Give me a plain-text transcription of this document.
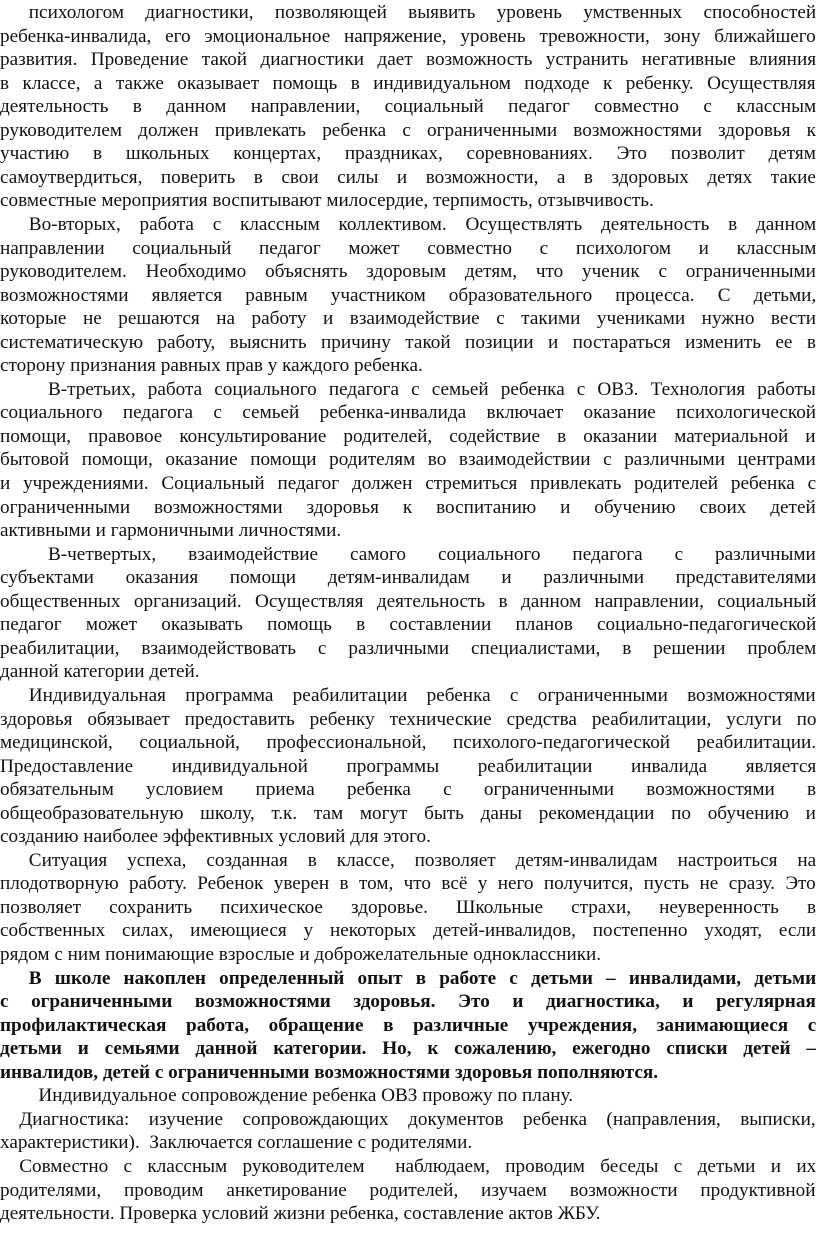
психологом диагностики, позволяющей выявить уровень умственных способностей
ребенка-инвалида, его эмоциональное напряжение, уровень тревожности, зону ближайшего
развития. Проведение такой диагностики дает возможность устранить негативные влияния
в классе, а также оказывает помощь в индивидуальном подходе к ребенку. Осуществляя
деятельность в данном направлении, социальный педагог совместно с классным
руководителем должен привлекать ребенка с ограниченными возможностями здоровья к
участию в школьных концертах, праздниках, соревнованиях. Это позволит детям
самоутвердиться, поверить в свои силы и возможности, а в здоровых детях такие
совместные мероприятия воспитывают милосердие, терпимость, отзывчивость.
Во-вторых, работа с классным коллективом. Осуществлять деятельность в данном
направлении социальный педагог может совместно с психологом и классным
руководителем. Необходимо объяснять здоровым детям, что ученик с ограниченными
возможностями является равным участником образовательного процесса. С детьми,
которые не решаются на работу и взаимодействие с такими учениками нужно вести
систематическую работу, выяснить причину такой позиции и постараться изменить ее в
сторону признания равных прав у каждого ребенка.
В-третьих, работа социального педагога с семьей ребенка с ОВЗ. Технология работы
социального педагога с семьей ребенка-инвалида включает оказание психологической
помощи, правовое консультирование родителей, содействие в оказании материальной и
бытовой помощи, оказание помощи родителям во взаимодействии с различными центрами
и учреждениями. Социальный педагог должен стремиться привлекать родителей ребенка с
ограниченными возможностями здоровья к воспитанию и обучению своих детей
активными и гармоничными личностями.
В-четвертых, взаимодействие самого социального педагога с различными
субъектами оказания помощи детям-инвалидам и различными представителями
общественных организаций. Осуществляя деятельность в данном направлении, социальный
педагог может оказывать помощь в составлении планов социально-педагогической
реабилитации, взаимодействовать с различными специалистами, в решении проблем
данной категории детей.
Индивидуальная программа реабилитации ребенка с ограниченными возможностями
здоровья обязывает предоставить ребенку технические средства реабилитации, услуги по
медицинской, социальной, профессиональной, психолого-педагогической реабилитации.
Предоставление индивидуальной программы реабилитации инвалида является
обязательным условием приема ребенка с ограниченными возможностями в
общеобразовательную школу, т.к. там могут быть даны рекомендации по обучению и
созданию наиболее эффективных условий для этого.
Ситуация успеха, созданная в классе, позволяет детям-инвалидам настроиться на
плодотворную работу. Ребенок уверен в том, что всё у него получится, пусть не сразу. Это
позволяет сохранить психическое здоровье. Школьные страхи, неуверенность в
собственных силах, имеющиеся у некоторых детей-инвалидов, постепенно уходят, если
рядом с ним понимающие взрослые и доброжелательные одноклассники.
В школе накоплен определенный опыт в работе с детьми – инвалидами, детьми
с ограниченными возможностями здоровья. Это и диагностика, и регулярная
профилактическая работа, обращение в различные учреждения, занимающиеся с
детьми и семьями данной категории. Но, к сожалению, ежегодно списки детей –
инвалидов, детей с ограниченными возможностями здоровья пополняются.
Индивидуальное сопровождение ребенка ОВЗ провожу по плану.
Диагностика: изучение сопровождающих документов ребенка (направления, выписки,
характеристики).  Заключается соглашение с родителями.
Совместно с классным руководителем  наблюдаем, проводим беседы с детьми и их
родителями, проводим анкетирование родителей, изучаем возможности продуктивной
деятельности. Проверка условий жизни ребенка, составление актов ЖБУ.
